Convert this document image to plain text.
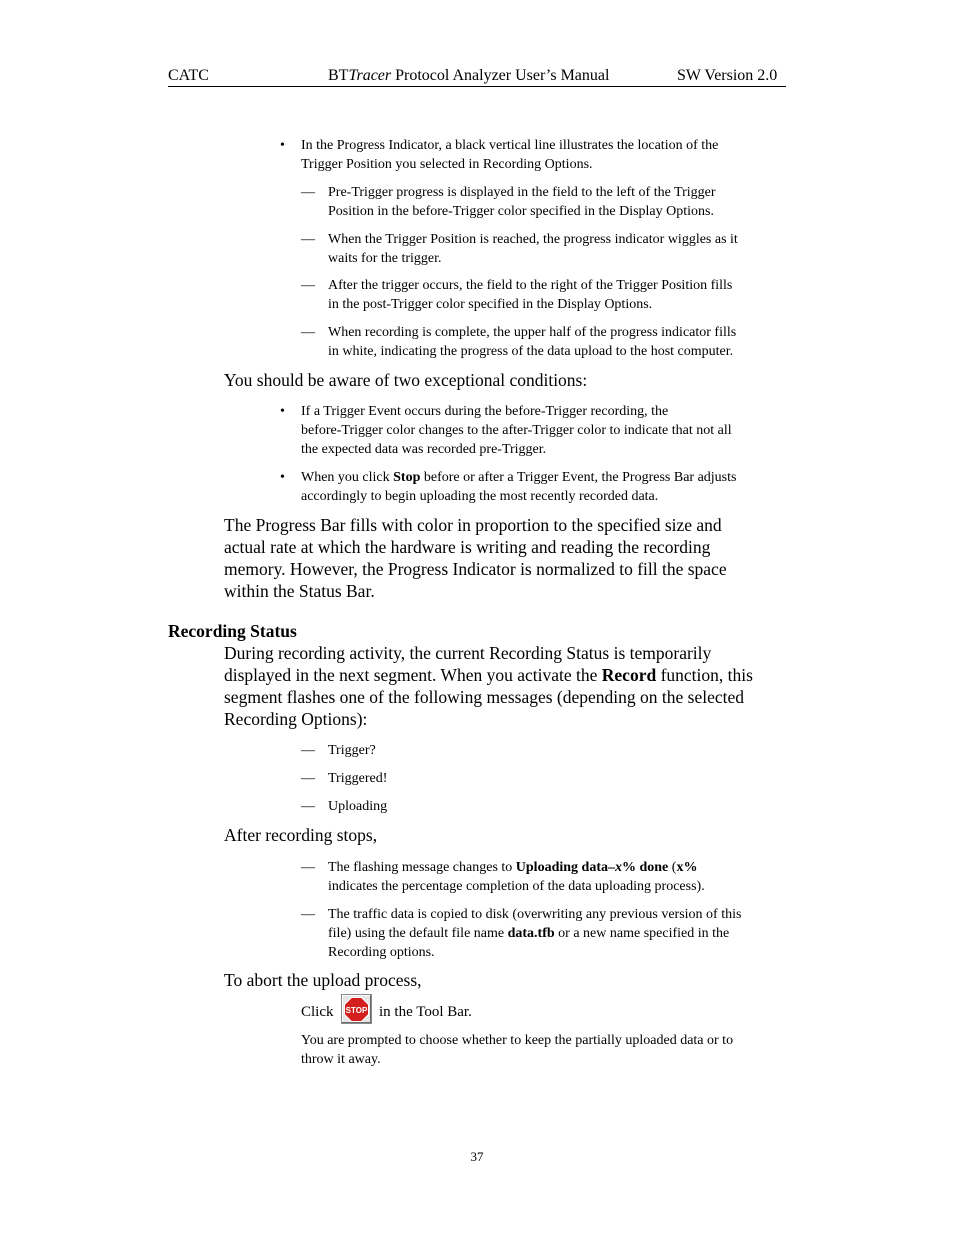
CATC	BTTracer Protocol Analyzer User’s Manual	SW Version 2.0
• In the Progress Indicator, a black vertical line illustrates the location of the
Trigger Position you selected in Recording Options.
— Pre-Trigger progress is displayed in the field to the left of the Trigger
Position in the before-Trigger color specified in the Display Options.
— When the Trigger Position is reached, the progress indicator wiggles as it
waits for the trigger.
— After the trigger occurs, the field to the right of the Trigger Position fills
in the post-Trigger color specified in the Display Options.
— When recording is complete, the upper half of the progress indicator fills
in white, indicating the progress of the data upload to the host computer.
You should be aware of two exceptional conditions:
• If a Trigger Event occurs during the before-Trigger recording, the
before-Trigger color changes to the after-Trigger color to indicate that not all
the expected data was recorded pre-Trigger.
• When you click Stop before or after a Trigger Event, the Progress Bar adjusts
accordingly to begin uploading the most recently recorded data.
The Progress Bar fills with color in proportion to the specified size and
actual rate at which the hardware is writing and reading the recording
memory. However, the Progress Indicator is normalized to fill the space
within the Status Bar.
Recording Status
During recording activity, the current Recording Status is temporarily
displayed in the next segment. When you activate the Record function, this
segment flashes one of the following messages (depending on the selected
Recording Options):
— Trigger?
— Triggered!
— Uploading
After recording stops,
— The flashing message changes to Uploading data–x% done (x%
indicates the percentage completion of the data uploading process).
— The traffic data is copied to disk (overwriting any previous version of this
file) using the default file name data.tfb or a new name specified in the
Recording options.
To abort the upload process,
Click STOP in the Tool Bar.
You are prompted to choose whether to keep the partially uploaded data or to
throw it away.
37
